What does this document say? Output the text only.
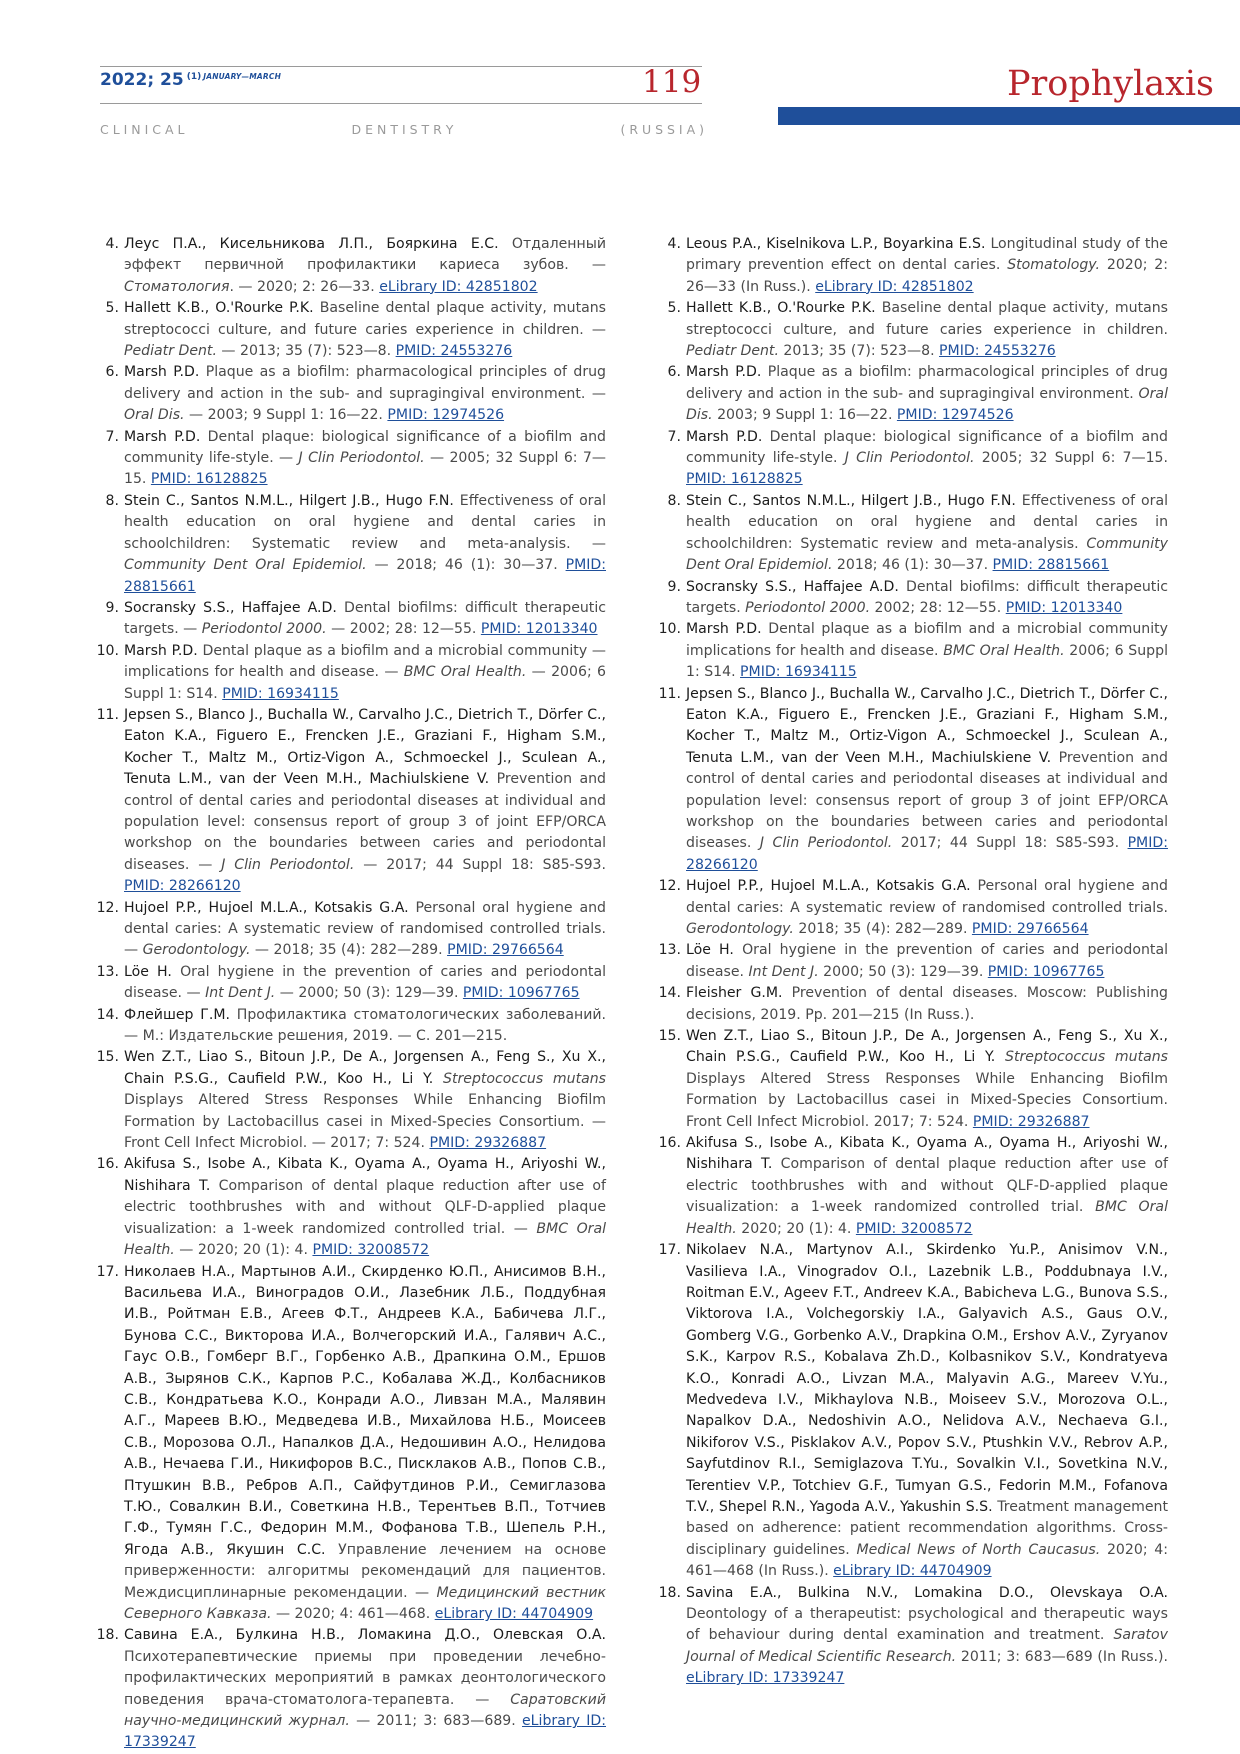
2022; 25 $^{(1)}$ $^{JANUARY—MARCH}$	119
C L I N I C A L	D E N T I S T R Y	( R U S S I A )
Prophylaxis
4. Леус П.А., Кисельникова Л.П., Бояркина Е.С. Отдаленный эффект первичной профилактики кариеса зубов. — Стоматология. — 2020; 2: 26—33. eLibrary ID: 42851802
5. Hallett K.B., O.'Rourke P.K. Baseline dental plaque activity, mutans streptococci culture, and future caries experience in children. — Pediatr Dent. — 2013; 35 (7): 523—8. PMID: 24553276
6. Marsh P.D. Plaque as a biofilm: pharmacological principles of drug delivery and action in the sub- and supragingival environment. — Oral Dis. — 2003; 9 Suppl 1: 16—22. PMID: 12974526
7. Marsh P.D. Dental plaque: biological significance of a biofilm and community life-style. — J Clin Periodontol. — 2005; 32 Suppl 6: 7—15. PMID: 16128825
8. Stein C., Santos N.M.L., Hilgert J.B., Hugo F.N. Effectiveness of oral health education on oral hygiene and dental caries in schoolchildren: Systematic review and meta-analysis. — Community Dent Oral Epidemiol. — 2018; 46 (1): 30—37. PMID: 28815661
9. Socransky S.S., Haffajee A.D. Dental biofilms: difficult therapeutic targets. — Periodontol 2000. — 2002; 28: 12—55. PMID: 12013340
10. Marsh P.D. Dental plaque as a biofilm and a microbial community — implications for health and disease. — BMC Oral Health. — 2006; 6 Suppl 1: S14. PMID: 16934115
11. Jepsen S., Blanco J., Buchalla W., Carvalho J.C., Dietrich T., Dörfer C., Eaton K.A., Figuero E., Frencken J.E., Graziani F., Higham S.M., Kocher T., Maltz M., Ortiz-Vigon A., Schmoeckel J., Sculean A., Tenuta L.M., van der Veen M.H., Machiulskiene V. Prevention and control of dental caries and periodontal diseases at individual and population level: consensus report of group 3 of joint EFP/ORCA workshop on the boundaries between caries and periodontal diseases. — J Clin Periodontol. — 2017; 44 Suppl 18: S85-S93. PMID: 28266120
12. Hujoel P.P., Hujoel M.L.A., Kotsakis G.A. Personal oral hygiene and dental caries: A systematic review of randomised controlled trials. — Gerodontology. — 2018; 35 (4): 282—289. PMID: 29766564
13. Löe H. Oral hygiene in the prevention of caries and periodontal disease. — Int Dent J. — 2000; 50 (3): 129—39. PMID: 10967765
14. Флейшер Г.М. Профилактика стоматологических заболеваний. — М.: Издательские решения, 2019. — С. 201—215.
15. Wen Z.T., Liao S., Bitoun J.P., De A., Jorgensen A., Feng S., Xu X., Chain P.S.G., Caufield P.W., Koo H., Li Y. Streptococcus mutans Displays Altered Stress Responses While Enhancing Biofilm Formation by Lactobacillus casei in Mixed-Species Consortium. — Front Cell Infect Microbiol. — 2017; 7: 524. PMID: 29326887
16. Akifusa S., Isobe A., Kibata K., Oyama A., Oyama H., Ariyoshi W., Nishihara T. Comparison of dental plaque reduction after use of electric toothbrushes with and without QLF-D-applied plaque visualization: a 1-week randomized controlled trial. — BMC Oral Health. — 2020; 20 (1): 4. PMID: 32008572
17. Николаев Н.А., Мартынов А.И., Скирденко Ю.П., Анисимов В.Н., Васильева И.А., Виноградов О.И., Лазебник Л.Б., Поддубная И.В., Ройтман Е.В., Агеев Ф.Т., Андреев К.А., Бабичева Л.Г., Бунова С.С., Викторова И.А., Волчегорский И.А., Галявич А.С., Гаус О.В., Гомберг В.Г., Горбенко А.В., Драпкина О.М., Ершов А.В., Зырянов С.К., Карпов Р.С., Кобалава Ж.Д., Колбасников С.В., Кондратьева К.О., Конради А.О., Ливзан М.А., Малявин А.Г., Мареев В.Ю., Медведева И.В., Михайлова Н.Б., Моисеев С.В., Морозова О.Л., Напалков Д.А., Недошивин А.О., Нелидова А.В., Нечаева Г.И., Никифоров В.С., Писклаков А.В., Попов С.В., Птушкин В.В., Ребров А.П., Сайфутдинов Р.И., Семиглазова Т.Ю., Совалкин В.И., Советкина Н.В., Терентьев В.П., Тотчиев Г.Ф., Тумян Г.С., Федорин М.М., Фофанова Т.В., Шепель Р.Н., Ягода А.В., Якушин С.С. Управление лечением на основе приверженности: алгоритмы рекомендаций для пациентов. Междисциплинарные рекомендации. — Медицинский вестник Северного Кавказа. — 2020; 4: 461—468. eLibrary ID: 44704909
18. Савина Е.А., Булкина Н.В., Ломакина Д.О., Олевская О.А. Психотерапевтические приемы при проведении лечебно-профилактических мероприятий в рамках деонтологического поведения врача-стоматолога-терапевта. — Саратовский научно-медицинский журнал. — 2011; 3: 683—689. eLibrary ID: 17339247
4. Leous P.A., Kiselnikova L.P., Boyarkina E.S. Longitudinal study of the primary prevention effect on dental caries. Stomatology. 2020; 2: 26—33 (In Russ.). eLibrary ID: 42851802
5. Hallett K.B., O.'Rourke P.K. Baseline dental plaque activity, mutans streptococci culture, and future caries experience in children. Pediatr Dent. 2013; 35 (7): 523—8. PMID: 24553276
6. Marsh P.D. Plaque as a biofilm: pharmacological principles of drug delivery and action in the sub- and supragingival environment. Oral Dis. 2003; 9 Suppl 1: 16—22. PMID: 12974526
7. Marsh P.D. Dental plaque: biological significance of a biofilm and community life-style. J Clin Periodontol. 2005; 32 Suppl 6: 7—15. PMID: 16128825
8. Stein C., Santos N.M.L., Hilgert J.B., Hugo F.N. Effectiveness of oral health education on oral hygiene and dental caries in schoolchildren: Systematic review and meta-analysis. Community Dent Oral Epidemiol. 2018; 46 (1): 30—37. PMID: 28815661
9. Socransky S.S., Haffajee A.D. Dental biofilms: difficult therapeutic targets. Periodontol 2000. 2002; 28: 12—55. PMID: 12013340
10. Marsh P.D. Dental plaque as a biofilm and a microbial community implications for health and disease. BMC Oral Health. 2006; 6 Suppl 1: S14. PMID: 16934115
11. Jepsen S., Blanco J., Buchalla W., Carvalho J.C., Dietrich T., Dörfer C., Eaton K.A., Figuero E., Frencken J.E., Graziani F., Higham S.M., Kocher T., Maltz M., Ortiz-Vigon A., Schmoeckel J., Sculean A., Tenuta L.M., van der Veen M.H., Machiulskiene V. Prevention and control of dental caries and periodontal diseases at individual and population level: consensus report of group 3 of joint EFP/ORCA workshop on the boundaries between caries and periodontal diseases. J Clin Periodontol. 2017; 44 Suppl 18: S85-S93. PMID: 28266120
12. Hujoel P.P., Hujoel M.L.A., Kotsakis G.A. Personal oral hygiene and dental caries: A systematic review of randomised controlled trials. Gerodontology. 2018; 35 (4): 282—289. PMID: 29766564
13. Löe H. Oral hygiene in the prevention of caries and periodontal disease. Int Dent J. 2000; 50 (3): 129—39. PMID: 10967765
14. Fleisher G.M. Prevention of dental diseases. Moscow: Publishing decisions, 2019. Pp. 201—215 (In Russ.).
15. Wen Z.T., Liao S., Bitoun J.P., De A., Jorgensen A., Feng S., Xu X., Chain P.S.G., Caufield P.W., Koo H., Li Y. Streptococcus mutans Displays Altered Stress Responses While Enhancing Biofilm Formation by Lactobacillus casei in Mixed-Species Consortium. Front Cell Infect Microbiol. 2017; 7: 524. PMID: 29326887
16. Akifusa S., Isobe A., Kibata K., Oyama A., Oyama H., Ariyoshi W., Nishihara T. Comparison of dental plaque reduction after use of electric toothbrushes with and without QLF-D-applied plaque visualization: a 1-week randomized controlled trial. BMC Oral Health. 2020; 20 (1): 4. PMID: 32008572
17. Nikolaev N.A., Martynov A.I., Skirdenko Yu.P., Anisimov V.N., Vasilieva I.A., Vinogradov O.I., Lazebnik L.B., Poddubnaya I.V., Roitman E.V., Ageev F.T., Andreev K.A., Babicheva L.G., Bunova S.S., Viktorova I.A., Volchegorskiy I.A., Galyavich A.S., Gaus O.V., Gomberg V.G., Gorbenko A.V., Drapkina O.M., Ershov A.V., Zyryanov S.K., Karpov R.S., Kobalava Zh.D., Kolbasnikov S.V., Kondratyeva K.O., Konradi A.O., Livzan M.A., Malyavin A.G., Mareev V.Yu., Medvedeva I.V., Mikhaylova N.B., Moiseev S.V., Morozova O.L., Napalkov D.A., Nedoshivin A.O., Nelidova A.V., Nechaeva G.I., Nikiforov V.S., Pisklakov A.V., Popov S.V., Ptushkin V.V., Rebrov A.P., Sayfutdinov R.I., Semiglazova T.Yu., Sovalkin V.I., Sovetkina N.V., Terentiev V.P., Totchiev G.F., Tumyan G.S., Fedorin M.M., Fofanova T.V., Shepel R.N., Yagoda A.V., Yakushin S.S. Treatment management based on adherence: patient recommendation algorithms. Cross-disciplinary guidelines. Medical News of North Caucasus. 2020; 4: 461—468 (In Russ.). eLibrary ID: 44704909
18. Savina E.A., Bulkina N.V., Lomakina D.O., Olevskaya O.A. Deontology of a therapeutist: psychological and therapeutic ways of behaviour during dental examination and treatment. Saratov Journal of Medical Scientific Research. 2011; 3: 683—689 (In Russ.). eLibrary ID: 17339247
